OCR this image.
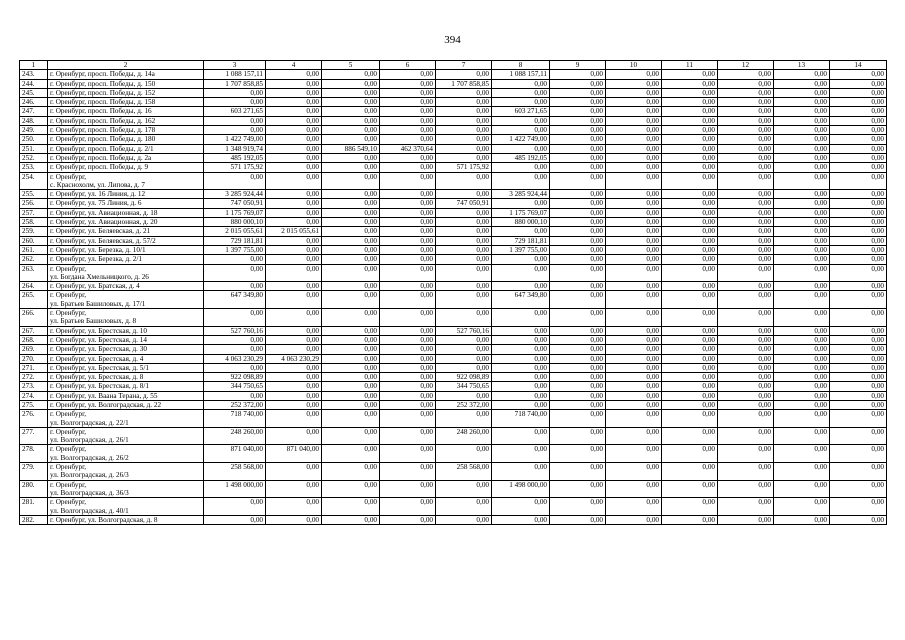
394
1	2	3	4	5	6	7	8	9	10	11	12	13	14
243.	г. Оренбург, просп. Победы, д. 14а	1 088 157,11	0,00	0,00	0,00	0,00	1 088 157,11	0,00	0,00	0,00	0,00	0,00	0,00
244.	г. Оренбург, просп. Победы, д. 150	1 707 858,85	0,00	0,00	0,00	1 707 858,85	0,00	0,00	0,00	0,00	0,00	0,00	0,00
245.	г. Оренбург, просп. Победы, д. 152	0,00	0,00	0,00	0,00	0,00	0,00	0,00	0,00	0,00	0,00	0,00	0,00
246.	г. Оренбург, просп. Победы, д. 158	0,00	0,00	0,00	0,00	0,00	0,00	0,00	0,00	0,00	0,00	0,00	0,00
247.	г. Оренбург, просп. Победы, д. 16	603 271,65	0,00	0,00	0,00	0,00	603 271,65	0,00	0,00	0,00	0,00	0,00	0,00
248.	г. Оренбург, просп. Победы, д. 162	0,00	0,00	0,00	0,00	0,00	0,00	0,00	0,00	0,00	0,00	0,00	0,00
249.	г. Оренбург, просп. Победы, д. 178	0,00	0,00	0,00	0,00	0,00	0,00	0,00	0,00	0,00	0,00	0,00	0,00
250.	г. Оренбург, просп. Победы, д. 180	1 422 749,00	0,00	0,00	0,00	0,00	1 422 749,00	0,00	0,00	0,00	0,00	0,00	0,00
251.	г. Оренбург, просп. Победы, д. 2/1	1 348 919,74	0,00	886 549,10	462 370,64	0,00	0,00	0,00	0,00	0,00	0,00	0,00	0,00
252.	г. Оренбург, просп. Победы, д. 2а	485 192,05	0,00	0,00	0,00	0,00	485 192,05	0,00	0,00	0,00	0,00	0,00	0,00
253.	г. Оренбург, просп. Победы, д. 9	571 175,92	0,00	0,00	0,00	571 175,92	0,00	0,00	0,00	0,00	0,00	0,00	0,00
254.	г. Оренбург,
с. Краснохолм, ул. Липова, д. 7	0,00	0,00	0,00	0,00	0,00	0,00	0,00	0,00	0,00	0,00	0,00	0,00
255.	г. Оренбург, ул. 16 Линия, д. 12	3 285 924,44	0,00	0,00	0,00	0,00	3 285 924,44	0,00	0,00	0,00	0,00	0,00	0,00
256.	г. Оренбург, ул. 75 Линия, д. 6	747 050,91	0,00	0,00	0,00	747 050,91	0,00	0,00	0,00	0,00	0,00	0,00	0,00
257.	г. Оренбург, ул. Авиационная, д. 18	1 175 769,07	0,00	0,00	0,00	0,00	1 175 769,07	0,00	0,00	0,00	0,00	0,00	0,00
258.	г. Оренбург, ул. Авиационная, д. 20	880 000,10	0,00	0,00	0,00	0,00	880 000,10	0,00	0,00	0,00	0,00	0,00	0,00
259.	г. Оренбург, ул. Беляевская, д. 21	2 015 055,61	2 015 055,61	0,00	0,00	0,00	0,00	0,00	0,00	0,00	0,00	0,00	0,00
260.	г. Оренбург, ул. Беляевская, д. 57/2	729 181,81	0,00	0,00	0,00	0,00	729 181,81	0,00	0,00	0,00	0,00	0,00	0,00
261.	г. Оренбург, ул. Березка, д. 10/1	1 397 755,00	0,00	0,00	0,00	0,00	1 397 755,00	0,00	0,00	0,00	0,00	0,00	0,00
262.	г. Оренбург, ул. Березка, д. 2/1	0,00	0,00	0,00	0,00	0,00	0,00	0,00	0,00	0,00	0,00	0,00	0,00
263.	г. Оренбург,
ул. Богдана Хмельницкого, д. 26	0,00	0,00	0,00	0,00	0,00	0,00	0,00	0,00	0,00	0,00	0,00	0,00
264.	г. Оренбург, ул. Братская, д. 4	0,00	0,00	0,00	0,00	0,00	0,00	0,00	0,00	0,00	0,00	0,00	0,00
265.	г. Оренбург,
ул. Братьев Башиловых, д. 17/1	647 349,80	0,00	0,00	0,00	0,00	647 349,80	0,00	0,00	0,00	0,00	0,00	0,00
266.	г. Оренбург,
ул. Братьев Башиловых, д. 8	0,00	0,00	0,00	0,00	0,00	0,00	0,00	0,00	0,00	0,00	0,00	0,00
267.	г. Оренбург, ул. Брестская, д. 10	527 760,16	0,00	0,00	0,00	527 760,16	0,00	0,00	0,00	0,00	0,00	0,00	0,00
268.	г. Оренбург, ул. Брестская, д. 14	0,00	0,00	0,00	0,00	0,00	0,00	0,00	0,00	0,00	0,00	0,00	0,00
269.	г. Оренбург, ул. Брестская, д. 30	0,00	0,00	0,00	0,00	0,00	0,00	0,00	0,00	0,00	0,00	0,00	0,00
270.	г. Оренбург, ул. Брестская, д. 4	4 063 230,29	4 063 230,29	0,00	0,00	0,00	0,00	0,00	0,00	0,00	0,00	0,00	0,00
271.	г. Оренбург, ул. Брестская, д. 5/1	0,00	0,00	0,00	0,00	0,00	0,00	0,00	0,00	0,00	0,00	0,00	0,00
272.	г. Оренбург, ул. Брестская, д. 8	922 098,89	0,00	0,00	0,00	922 098,89	0,00	0,00	0,00	0,00	0,00	0,00	0,00
273.	г. Оренбург, ул. Брестская, д. 8/1	344 750,65	0,00	0,00	0,00	344 750,65	0,00	0,00	0,00	0,00	0,00	0,00	0,00
274.	г. Оренбург, ул. Ваана Терана, д. 55	0,00	0,00	0,00	0,00	0,00	0,00	0,00	0,00	0,00	0,00	0,00	0,00
275.	г. Оренбург, ул. Волгоградская, д. 22	252 372,00	0,00	0,00	0,00	252 372,00	0,00	0,00	0,00	0,00	0,00	0,00	0,00
276.	г. Оренбург,
ул. Волгоградская, д. 22/1	718 740,00	0,00	0,00	0,00	0,00	718 740,00	0,00	0,00	0,00	0,00	0,00	0,00
277.	г. Оренбург,
ул. Волгоградская, д. 26/1	248 260,00	0,00	0,00	0,00	248 260,00	0,00	0,00	0,00	0,00	0,00	0,00	0,00
278.	г. Оренбург,
ул. Волгоградская, д. 26/2	871 040,00	871 040,00	0,00	0,00	0,00	0,00	0,00	0,00	0,00	0,00	0,00	0,00
279.	г. Оренбург,
ул. Волгоградская, д. 26/3	258 568,00	0,00	0,00	0,00	258 568,00	0,00	0,00	0,00	0,00	0,00	0,00	0,00
280.	г. Оренбург,
ул. Волгоградская, д. 36/3	1 498 000,00	0,00	0,00	0,00	0,00	1 498 000,00	0,00	0,00	0,00	0,00	0,00	0,00
281.	г. Оренбург,
ул. Волгоградская, д. 40/1	0,00	0,00	0,00	0,00	0,00	0,00	0,00	0,00	0,00	0,00	0,00	0,00
282.	г. Оренбург, ул. Волгоградская, д. 8	0,00	0,00	0,00	0,00	0,00	0,00	0,00	0,00	0,00	0,00	0,00	0,00
